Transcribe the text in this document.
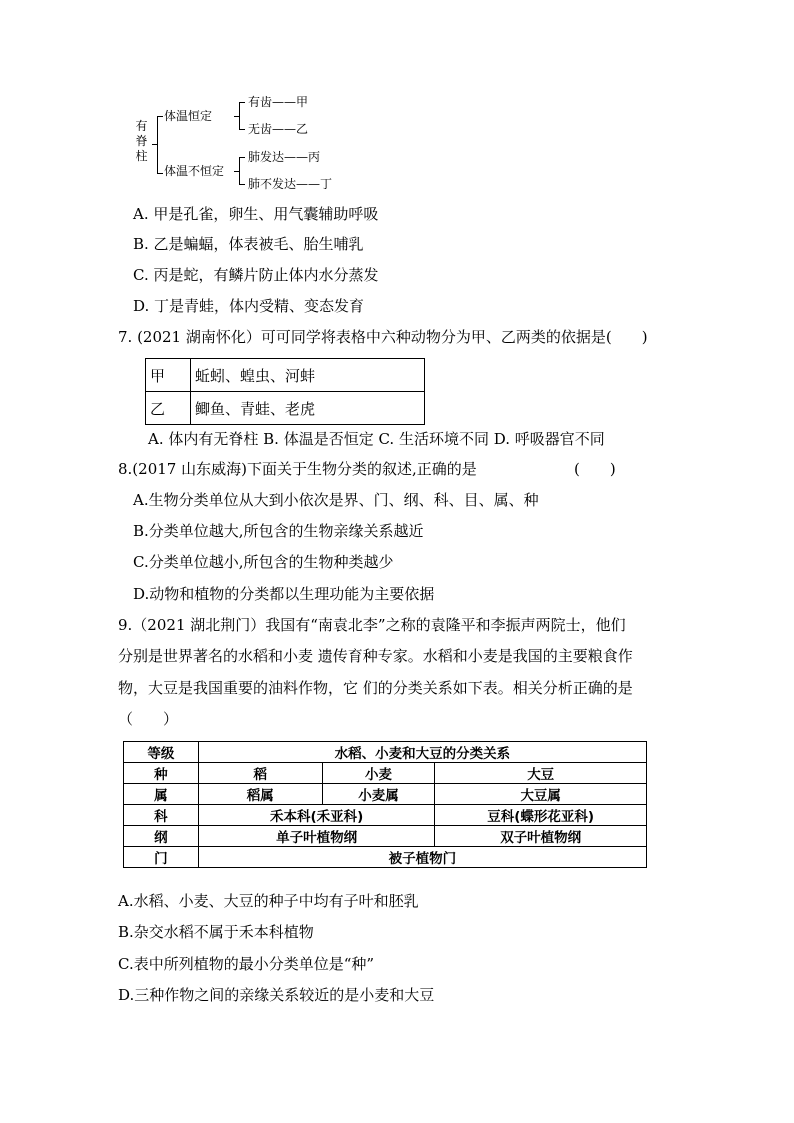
有脊柱
体温恒定
体温不恒定
有齿——甲
无齿——乙
肺发达——丙
肺不发达——丁
A. 甲是孔雀，卵生、用气囊辅助呼吸
B. 乙是蝙蝠，体表被毛、胎生哺乳
C. 丙是蛇，有鳞片防止体内水分蒸发
D. 丁是青蛙，体内受精、变态发育
7. (2021 湖南怀化）可可同学将表格中六种动物分为甲、乙两类的依据是(　　)
甲	蚯蚓、蝗虫、河蚌
乙	鲫鱼、青蛙、老虎
A. 体内有无脊柱 B. 体温是否恒定 C. 生活环境不同 D. 呼吸器官不同
8.(2017 山东威海)下面关于生物分类的叙述,正确的是	(　　)
A.生物分类单位从大到小依次是界、门、纲、科、目、属、种
B.分类单位越大,所包含的生物亲缘关系越近
C.分类单位越小,所包含的生物种类越少
D.动物和植物的分类都以生理功能为主要依据
9.（2021 湖北荆门）我国有“南袁北李”之称的袁隆平和李振声两院士，他们
分别是世界著名的水稻和小麦 遗传育种专家。水稻和小麦是我国的主要粮食作
物，大豆是我国重要的油料作物，它 们的分类关系如下表。相关分析正确的是
（　　）
等级	水稻、小麦和大豆的分类关系		
种	稻	小麦	大豆
属	稻属	小麦属	大豆属
科	禾本科(禾亚科)		豆科(蝶形花亚科)
纲	单子叶植物纲		双子叶植物纲
门	被子植物门		
A.水稻、小麦、大豆的种子中均有子叶和胚乳
B.杂交水稻不属于禾本科植物
C.表中所列植物的最小分类单位是“种”
D.三种作物之间的亲缘关系较近的是小麦和大豆
